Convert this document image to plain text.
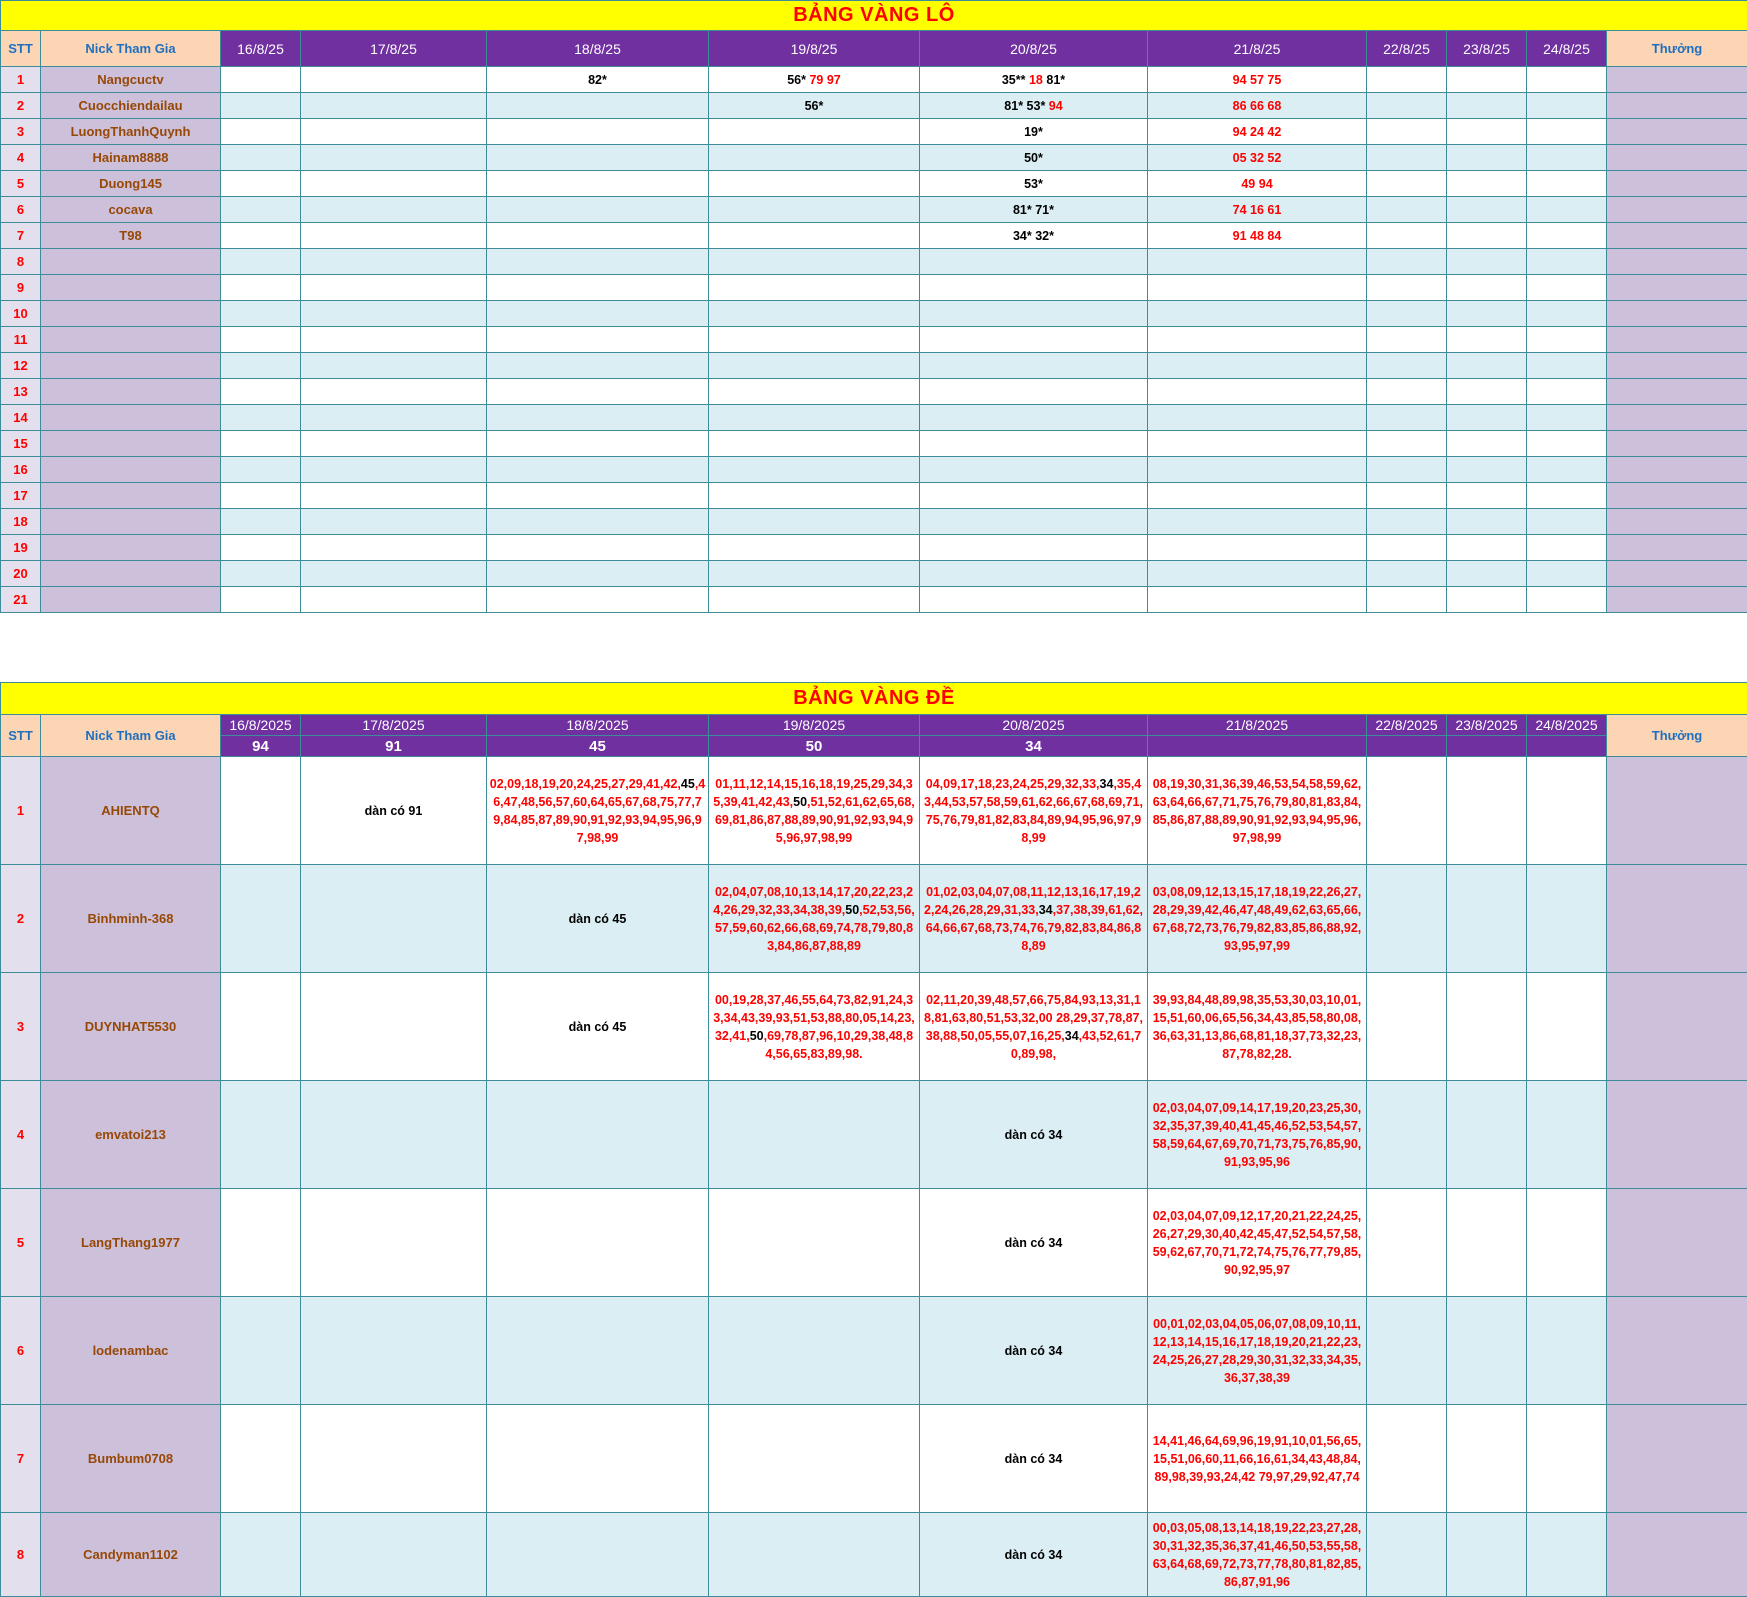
BẢNG VÀNG LÔ											
STT	Nick Tham Gia	16/8/25	17/8/25	18/8/25	19/8/25	20/8/25	21/8/25	22/8/25	23/8/25	24/8/25	Thưởng
1	Nangcuctv			82*	56* 79 97	35** 18 81*	94 57 75				
2	Cuocchiendailau				56*	81* 53* 94	86 66 68				
3	LuongThanhQuynh					19*	94 24 42				
4	Hainam8888					50*	05 32 52				
5	Duong145					53*	49 94				
6	cocava					81* 71*	74 16 61				
7	T98					34* 32*	91 48 84				
8											
9											
10											
11											
12											
13											
14											
15											
16											
17											
18											
19											
20											
21											
BẢNG VÀNG ĐỀ											
STT	Nick Tham Gia	16/8/2025	17/8/2025	18/8/2025	19/8/2025	20/8/2025	21/8/2025	22/8/2025	23/8/2025	24/8/2025	Thưởng
		94	91	45	50	34					
1	AHIENTQ		dàn có 91	02,09,18,19,20,24,25,27,29,41,42,45,46,47,48,56,57,60,64,65,67,68,75,77,79,84,85,87,89,90,91,92,93,94,95,96,97,98,99	01,11,12,14,15,16,18,19,25,29,34,35,39,41,42,43,50,51,52,61,62,65,68,69,81,86,87,88,89,90,91,92,93,94,95,96,97,98,99	04,09,17,18,23,24,25,29,32,33,34,35,43,44,53,57,58,59,61,62,66,67,68,69,71,75,76,79,81,82,83,84,89,94,95,96,97,98,99	08,19,30,31,36,39,46,53,54,58,59,62,63,64,66,67,71,75,76,79,80,81,83,84,85,86,87,88,89,90,91,92,93,94,95,96,97,98,99				

2	Binhminh-368			dàn có 45	02,04,07,08,10,13,14,17,20,22,23,24,26,29,32,33,34,38,39,50,52,53,56,57,59,60,62,66,68,69,74,78,79,80,83,84,86,87,88,89	01,02,03,04,07,08,11,12,13,16,17,19,22,24,26,28,29,31,33,34,37,38,39,61,62,64,66,67,68,73,74,76,79,82,83,84,86,88,89	03,08,09,12,13,15,17,18,19,22,26,27,28,29,39,42,46,47,48,49,62,63,65,66,67,68,72,73,76,79,82,83,85,86,88,92,93,95,97,99				

3	DUYNHAT5530			dàn có 45	00,19,28,37,46,55,64,73,82,91,24,33,34,43,39,93,51,53,88,80,05,14,23,32,41,50,69,78,87,96,10,29,38,48,84,56,65,83,89,98.	02,11,20,39,48,57,66,75,84,93,13,31,18,81,63,80,51,53,32,00 28,29,37,78,87,38,88,50,05,55,07,16,25,34,43,52,61,70,89,98,	39,93,84,48,89,98,35,53,30,03,10,01,15,51,60,06,65,56,34,43,85,58,80,08,36,63,31,13,86,68,81,18,37,73,32,23,87,78,82,28.				

4	emvatoi213					dàn có 34	02,03,04,07,09,14,17,19,20,23,25,30,32,35,37,39,40,41,45,46,52,53,54,57,58,59,64,67,69,70,71,73,75,76,85,90,91,93,95,96				

5	LangThang1977					dàn có 34	02,03,04,07,09,12,17,20,21,22,24,25,26,27,29,30,40,42,45,47,52,54,57,58,59,62,67,70,71,72,74,75,76,77,79,85,90,92,95,97				

6	lodenambac					dàn có 34	00,01,02,03,04,05,06,07,08,09,10,11,12,13,14,15,16,17,18,19,20,21,22,23,24,25,26,27,28,29,30,31,32,33,34,35,36,37,38,39				

7	Bumbum0708					dàn có 34	14,41,46,64,69,96,19,91,10,01,56,65,15,51,06,60,11,66,16,61,34,43,48,84,89,98,39,93,24,42 79,97,29,92,47,74				

8	Candyman1102					dàn có 34	00,03,05,08,13,14,18,19,22,23,27,28,30,31,32,35,36,37,41,46,50,53,55,58,63,64,68,69,72,73,77,78,80,81,82,85,86,87,91,96				
